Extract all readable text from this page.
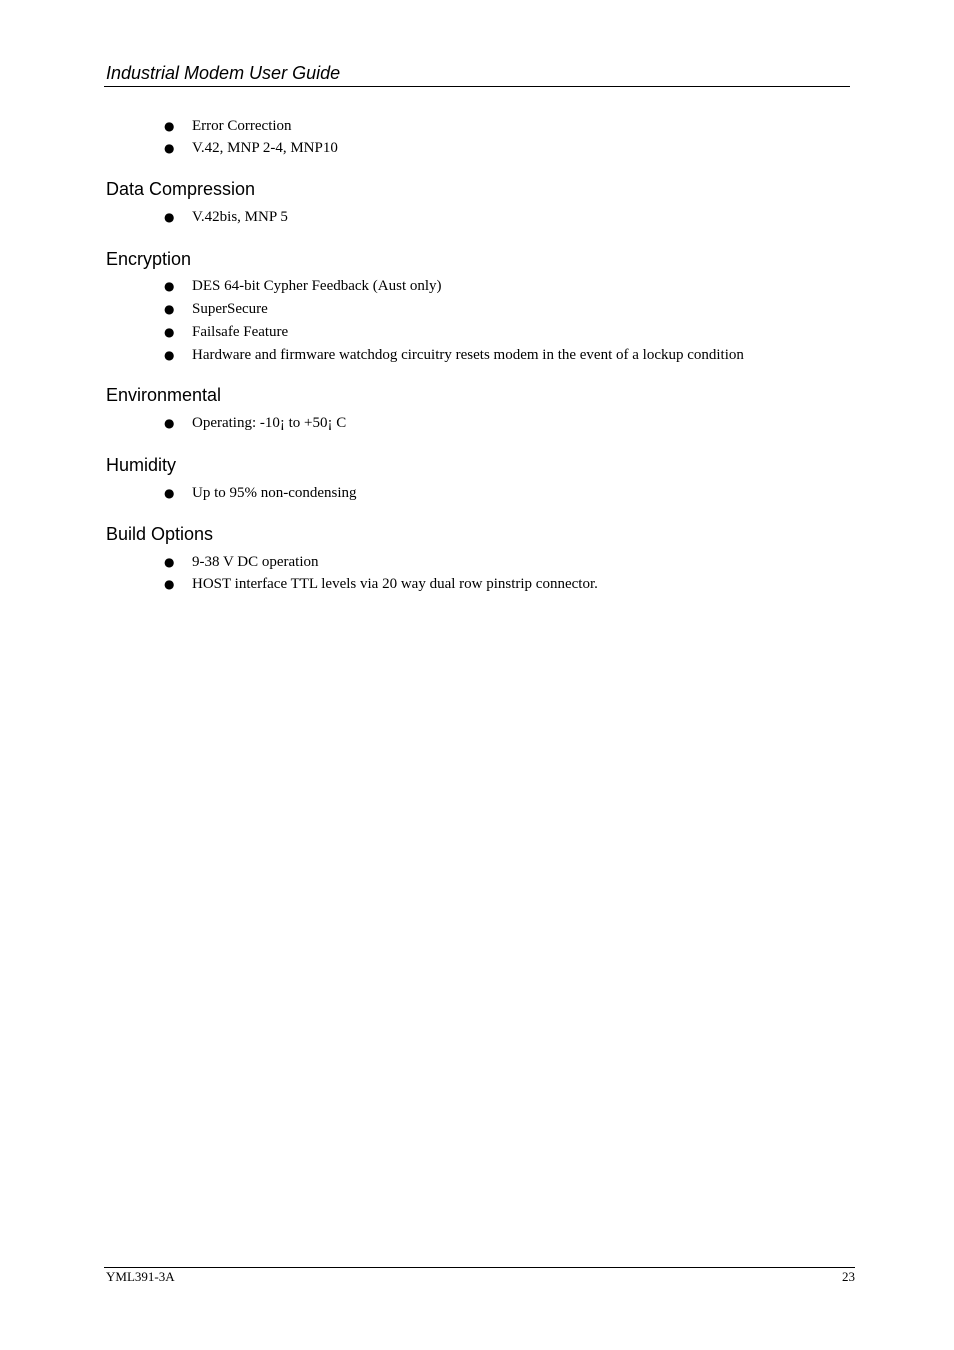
Industrial Modem User Guide
● Error Correction
● V.42, MNP 2-4, MNP10
Data Compression
● V.42bis, MNP 5
Encryption
● DES 64-bit Cypher Feedback (Aust only)
● SuperSecure
● Failsafe Feature
● Hardware and firmware watchdog circuitry resets modem in the event of a lockup condition
Environmental
● Operating: -10¡ to +50¡ C
Humidity
● Up to 95% non-condensing
Build Options
● 9-38 V DC operation
● HOST interface TTL levels via 20 way dual row pinstrip connector.
YML391-3A	23
